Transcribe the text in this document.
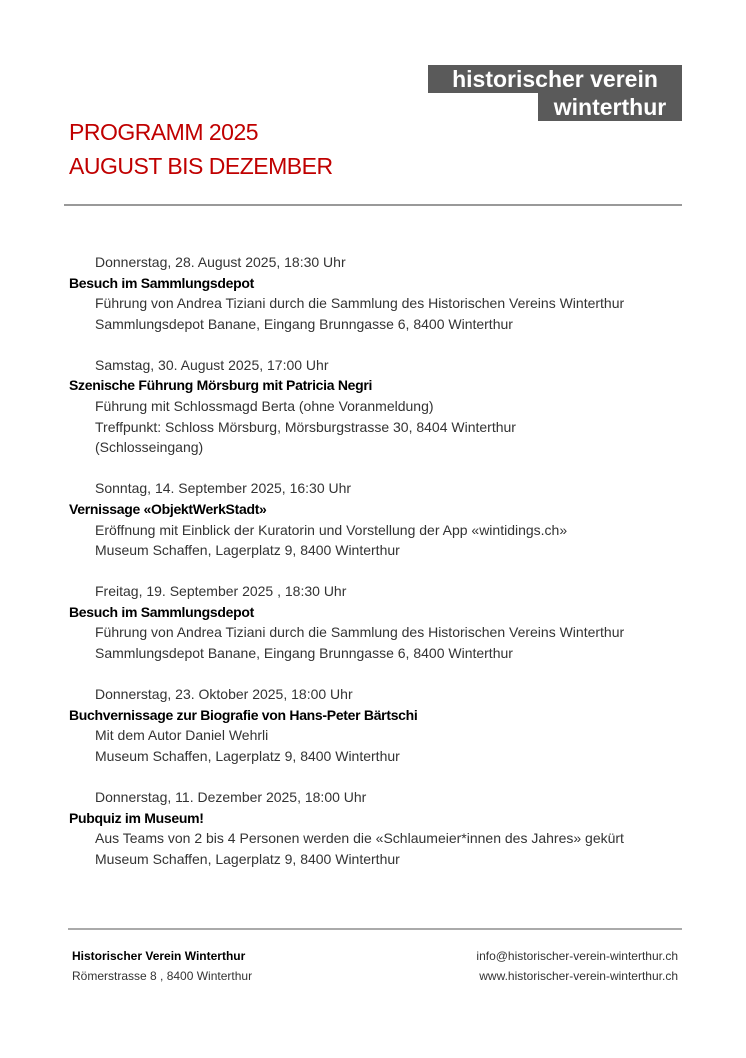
historischer verein
winterthur
PROGRAMM 2025
AUGUST BIS DEZEMBER
Donnerstag, 28. August 2025, 18:30 Uhr
Besuch im Sammlungsdepot
Führung von Andrea Tiziani durch die Sammlung des Historischen Vereins Winterthur
Sammlungsdepot Banane, Eingang Brunngasse 6, 8400 Winterthur
Samstag, 30. August 2025, 17:00 Uhr
Szenische Führung Mörsburg mit Patricia Negri
Führung mit Schlossmagd Berta (ohne Voranmeldung)
Treffpunkt: Schloss Mörsburg, Mörsburgstrasse 30, 8404 Winterthur
(Schlosseingang)
Sonntag, 14. September 2025, 16:30 Uhr
Vernissage «ObjektWerkStadt»
Eröffnung mit Einblick der Kuratorin und Vorstellung der App «wintidings.ch»
Museum Schaffen, Lagerplatz 9, 8400 Winterthur
Freitag, 19. September 2025 , 18:30 Uhr
Besuch im Sammlungsdepot
Führung von Andrea Tiziani durch die Sammlung des Historischen Vereins Winterthur
Sammlungsdepot Banane, Eingang Brunngasse 6, 8400 Winterthur
Donnerstag, 23. Oktober 2025, 18:00 Uhr
Buchvernissage zur Biografie von Hans-Peter Bärtschi
Mit dem Autor Daniel Wehrli
Museum Schaffen, Lagerplatz 9, 8400 Winterthur
Donnerstag, 11. Dezember 2025, 18:00 Uhr
Pubquiz im Museum!
Aus Teams von 2 bis 4 Personen werden die «Schlaumeier*innen des Jahres» gekürt
Museum Schaffen, Lagerplatz 9, 8400 Winterthur
Historischer Verein Winterthur
Römerstrasse 8 , 8400 Winterthur
info@historischer-verein-winterthur.ch
www.historischer-verein-winterthur.ch
